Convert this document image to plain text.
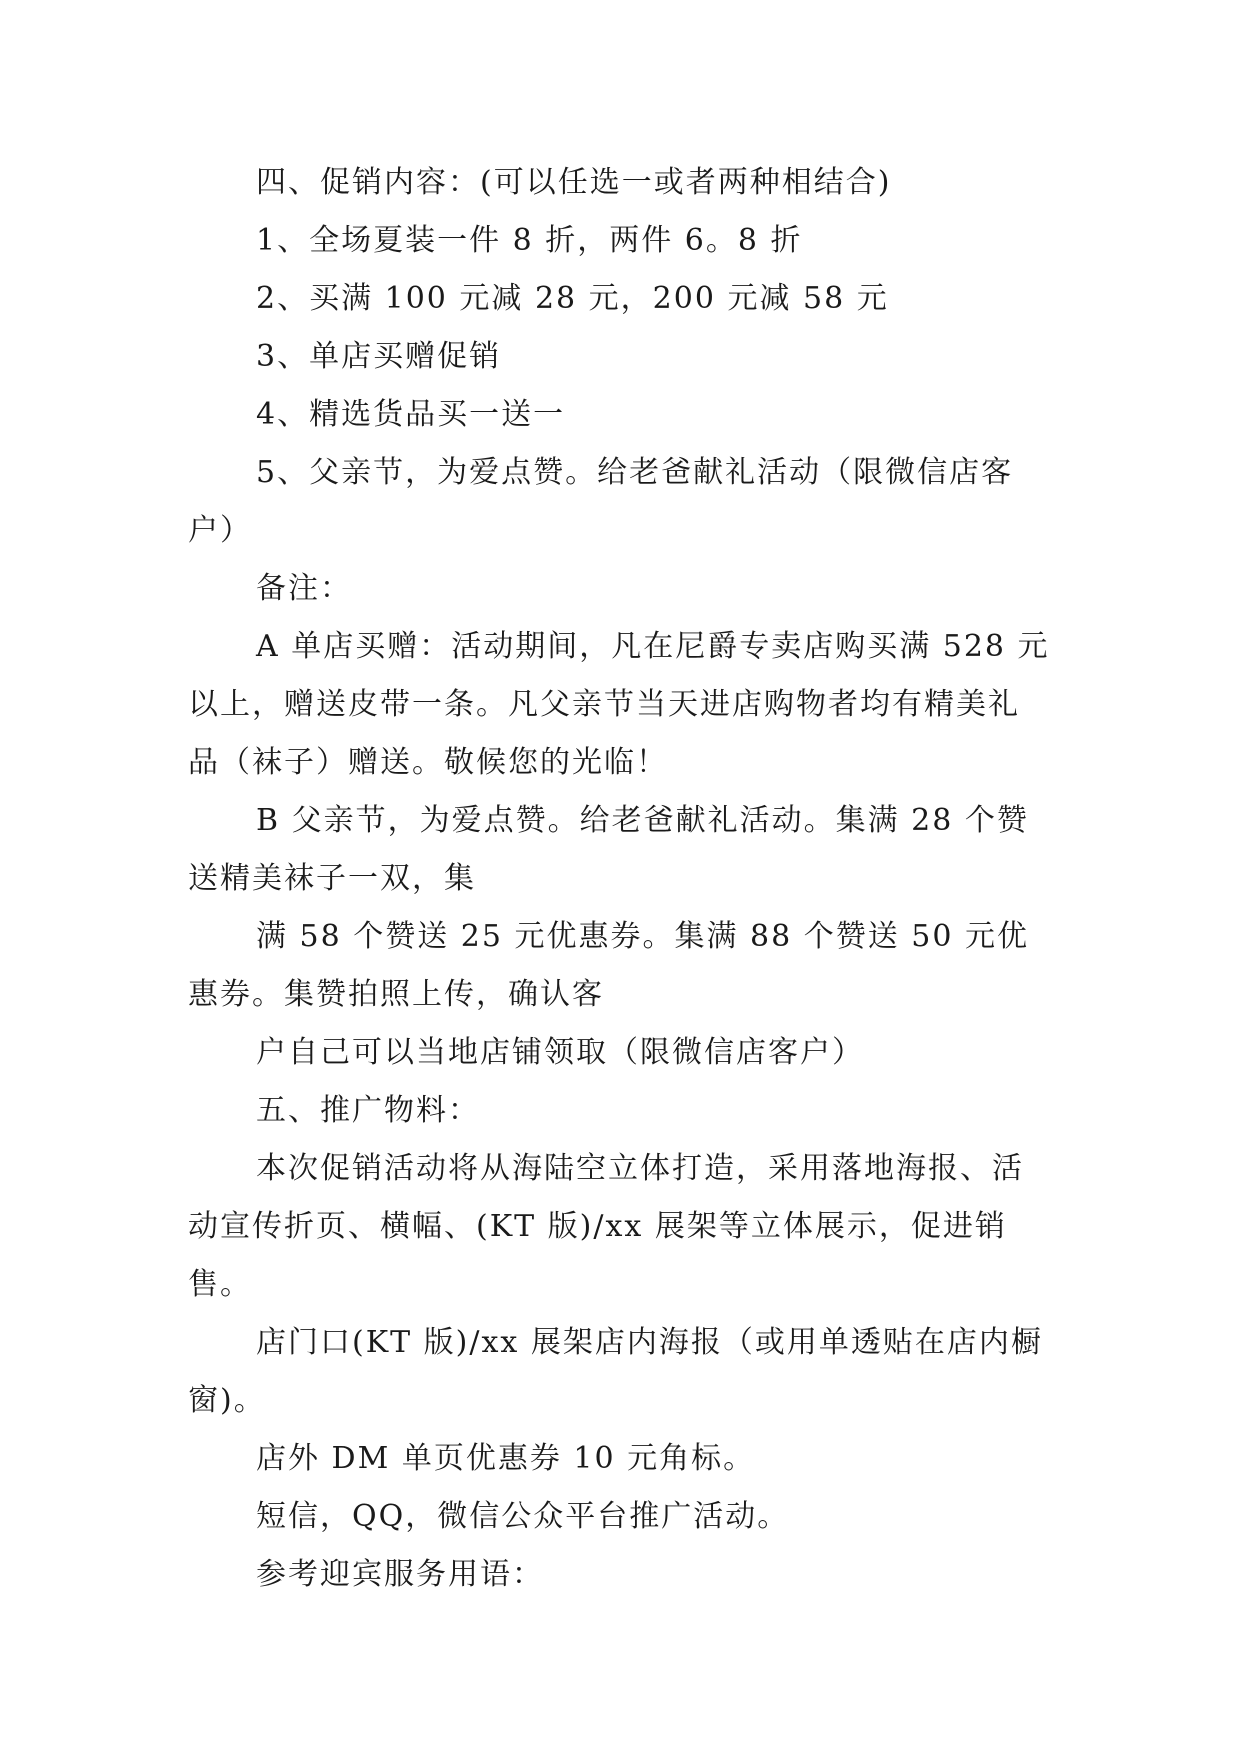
四、促销内容：(可以任选一或者两种相结合)

1、全场夏装一件 8 折，两件 6。8 折

2、买满 100 元减 28 元，200 元减 58 元

3、单店买赠促销

4、精选货品买一送一

5、父亲节，为爱点赞。给老爸献礼活动（限微信店客户）

备注：

A 单店买赠：活动期间，凡在尼爵专卖店购买满 528 元以上，赠送皮带一条。凡父亲节当天进店购物者均有精美礼品（袜子）赠送。敬候您的光临！

B 父亲节，为爱点赞。给老爸献礼活动。集满 28 个赞送精美袜子一双，集

满 58 个赞送 25 元优惠券。集满 88 个赞送 50 元优惠券。集赞拍照上传，确认客

户自己可以当地店铺领取（限微信店客户）

五、推广物料：

本次促销活动将从海陆空立体打造，采用落地海报、活动宣传折页、横幅、(KT 版)/xx 展架等立体展示，促进销售。

店门口(KT 版)/xx 展架店内海报（或用单透贴在店内橱窗)。

店外 DM 单页优惠券 10 元角标。

短信，QQ，微信公众平台推广活动。

参考迎宾服务用语：
